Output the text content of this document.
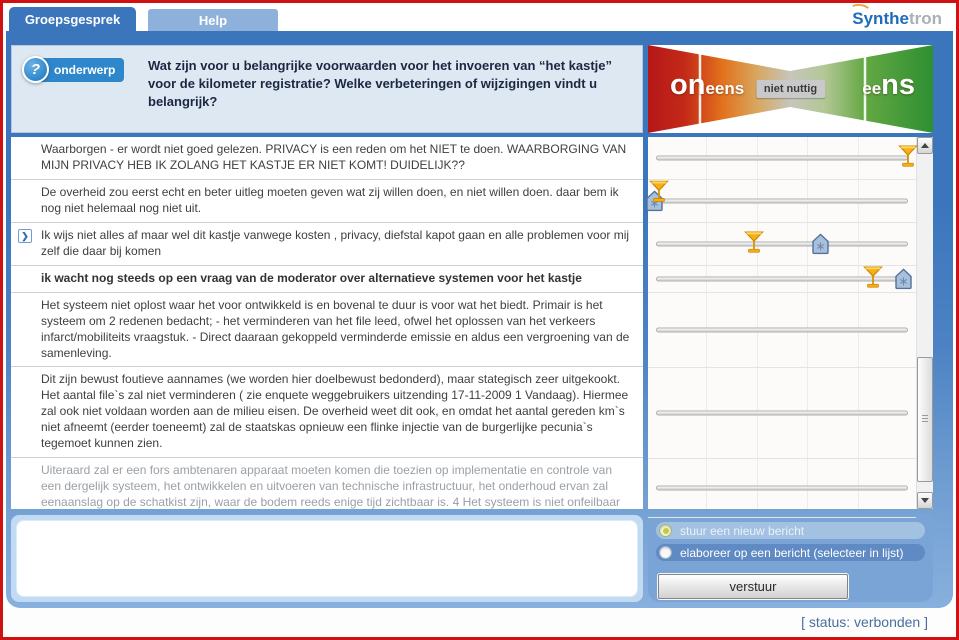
Groepsgesprek	Help	Synthetron
?	onderwerp	Wat zijn voor u belangrijke voorwaarden voor het invoeren van “het kastje” voor de kilometer registratie? Welke verbeteringen of wijzigingen vindt u belangrijk?
oneens	niet nuttig	eens
Waarborgen - er wordt niet goed gelezen. PRIVACY is een reden om het NIET te doen. WAARBORGING VAN MIJN PRIVACY HEB IK ZOLANG HET KASTJE ER NIET KOMT! DUIDELIJK??
De overheid zou eerst echt en beter uitleg moeten geven wat zij willen doen, en niet willen doen. daar bem ik nog niet helemaal nog niet uit.
❯ Ik wijs niet alles af maar wel dit kastje vanwege kosten , privacy, diefstal kapot gaan en alle problemen voor mij zelf die daar bij komen
ik wacht nog steeds op een vraag van de moderator over alternatieve systemen voor het kastje
Het systeem niet oplost waar het voor ontwikkeld is en bovenal te duur is voor wat het biedt. Primair is het systeem om 2 redenen bedacht; - het verminderen van het file leed, ofwel het oplossen van het verkeers infarct/mobiliteits vraagstuk. - Direct daaraan gekoppeld verminderde emissie en aldus een vergroening van de samenleving.
Dit zijn bewust foutieve aannames (we worden hier doelbewust bedonderd), maar stategisch zeer uitgekookt. Het aantal file`s zal niet verminderen ( zie enquete weggebruikers uitzending 17-11-2009 1 Vandaag). Hiermee zal ook niet voldaan worden aan de milieu eisen. De overheid weet dit ook, en omdat het aantal gereden km`s niet afneemt (eerder toeneemt) zal de staatskas opnieuw een flinke injectie van de burgerlijke pecunia`s tegemoet kunnen zien.
Uiteraard zal er een fors ambtenaren apparaat moeten komen die toezien op implementatie en controle van een dergelijk systeem, het ontwikkelen en uitvoeren van technische infrastructuur, het onderhoud ervan zal eenaanslag op de schatkist zijn, waar de bodem reeds enige tijd zichtbaar is. 4 Het systeem is niet onfeilbaar
stuur een nieuw bericht
elaboreer op een bericht (selecteer in lijst)
verstuur
[ status: verbonden ]
